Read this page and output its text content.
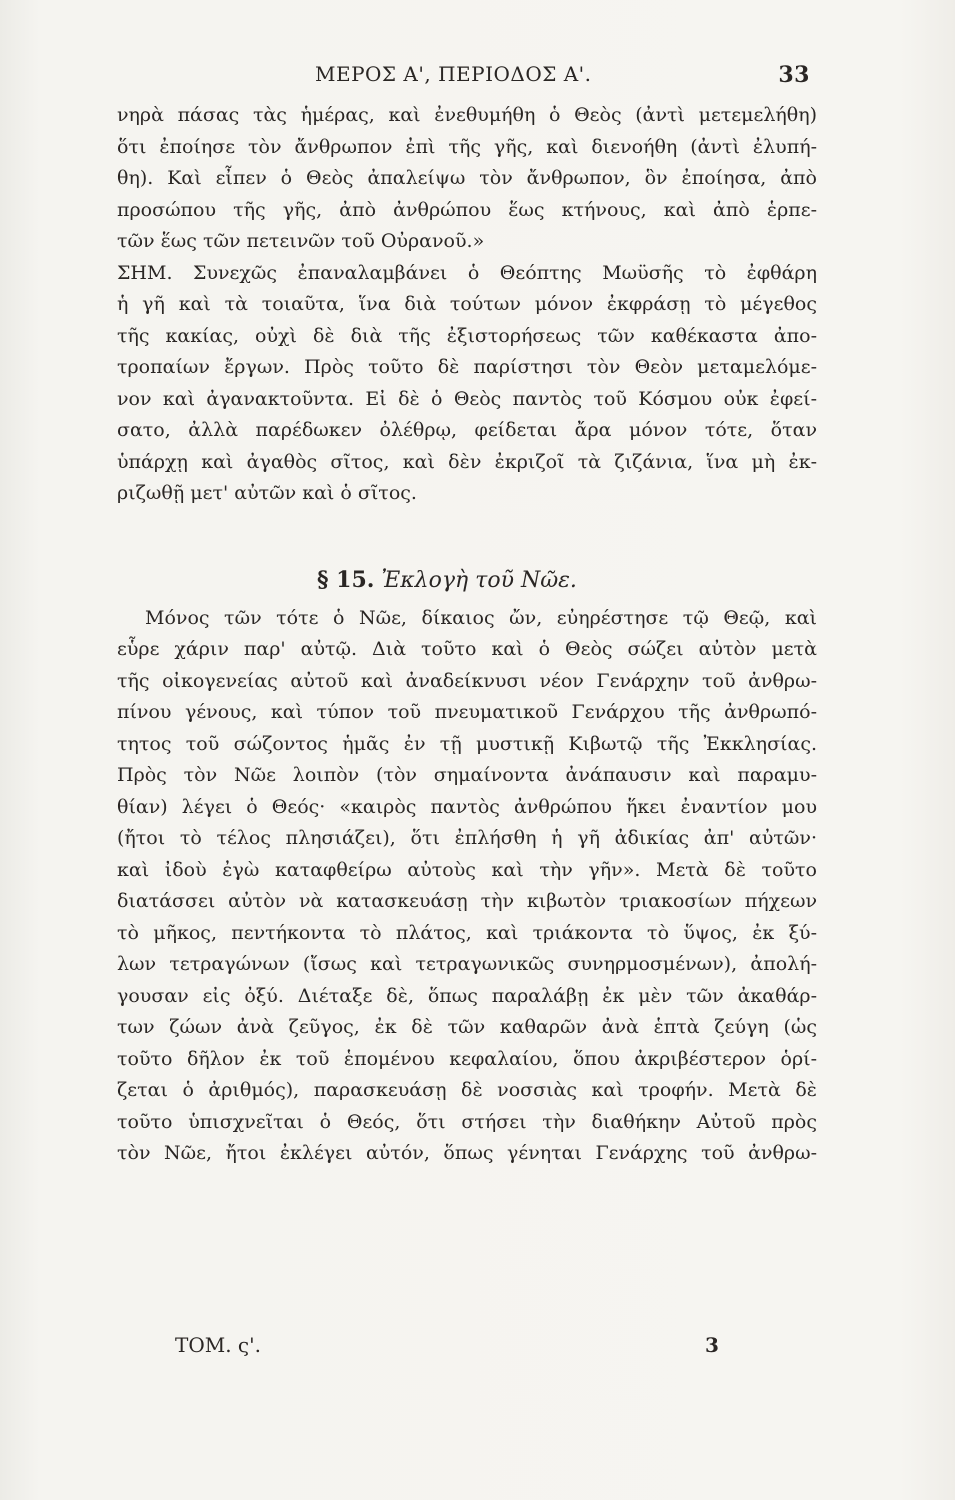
ΜΕΡΟΣ Α', ΠΕΡΙΟΔΟΣ Α'.	33
νηρὰ πάσας τὰς ἡμέρας, καὶ ἐνεθυμήθη ὁ Θεὸς (ἀντὶ μετεμελήθη)
ὅτι ἐποίησε τὸν ἄνθρωπον ἐπὶ τῆς γῆς, καὶ διενοήθη (ἀντὶ ἐλυπή-
θη). Καὶ εἶπεν ὁ Θεὸς ἀπαλείψω τὸν ἄνθρωπον, ὃν ἐποίησα, ἀπὸ
προσώπου τῆς γῆς, ἀπὸ ἀνθρώπου ἕως κτήνους, καὶ ἀπὸ ἑρπε-
τῶν ἕως τῶν πετεινῶν τοῦ Οὐρανοῦ.»
ΣΗΜ. Συνεχῶς ἐπαναλαμβάνει ὁ Θεόπτης Μωϋσῆς τὸ ἐφθάρη
ἡ γῆ καὶ τὰ τοιαῦτα, ἵνα διὰ τούτων μόνον ἐκφράσῃ τὸ μέγεθος
τῆς κακίας, οὐχὶ δὲ διὰ τῆς ἐξιστορήσεως τῶν καθέκαστα ἀπο-
τροπαίων ἔργων. Πρὸς τοῦτο δὲ παρίστησι τὸν Θεὸν μεταμελόμε-
νον καὶ ἀγανακτοῦντα. Εἰ δὲ ὁ Θεὸς παντὸς τοῦ Κόσμου οὐκ ἐφεί-
σατο, ἀλλὰ παρέδωκεν ὀλέθρῳ, φείδεται ἄρα μόνον τότε, ὅταν
ὑπάρχῃ καὶ ἀγαθὸς σῖτος, καὶ δὲν ἐκριζοῖ τὰ ζιζάνια, ἵνα μὴ ἐκ-
ριζωθῇ μετ' αὐτῶν καὶ ὁ σῖτος.
§ 15. Ἐκλογὴ τοῦ Νῶε.
Μόνος τῶν τότε ὁ Νῶε, δίκαιος ὤν, εὐηρέστησε τῷ Θεῷ, καὶ
εὗρε χάριν παρ' αὐτῷ. Διὰ τοῦτο καὶ ὁ Θεὸς σώζει αὐτὸν μετὰ
τῆς οἰκογενείας αὐτοῦ καὶ ἀναδείκνυσι νέον Γενάρχην τοῦ ἀνθρω-
πίνου γένους, καὶ τύπον τοῦ πνευματικοῦ Γενάρχου τῆς ἀνθρωπό-
τητος τοῦ σώζοντος ἡμᾶς ἐν τῇ μυστικῇ Κιβωτῷ τῆς Ἐκκλησίας.
Πρὸς τὸν Νῶε λοιπὸν (τὸν σημαίνοντα ἀνάπαυσιν καὶ παραμυ-
θίαν) λέγει ὁ Θεός· «καιρὸς παντὸς ἀνθρώπου ἥκει ἐναντίον μου
(ἤτοι τὸ τέλος πλησιάζει), ὅτι ἐπλήσθη ἡ γῆ ἀδικίας ἀπ' αὐτῶν·
καὶ ἰδοὺ ἐγὼ καταφθείρω αὐτοὺς καὶ τὴν γῆν». Μετὰ δὲ τοῦτο
διατάσσει αὐτὸν νὰ κατασκευάσῃ τὴν κιβωτὸν τριακοσίων πήχεων
τὸ μῆκος, πεντήκοντα τὸ πλάτος, καὶ τριάκοντα τὸ ὕψος, ἐκ ξύ-
λων τετραγώνων (ἴσως καὶ τετραγωνικῶς συνηρμοσμένων), ἀπολή-
γουσαν εἰς ὀξύ. Διέταξε δὲ, ὅπως παραλάβῃ ἐκ μὲν τῶν ἀκαθάρ-
των ζώων ἀνὰ ζεῦγος, ἐκ δὲ τῶν καθαρῶν ἀνὰ ἑπτὰ ζεύγη (ὡς
τοῦτο δῆλον ἐκ τοῦ ἑπομένου κεφαλαίου, ὅπου ἀκριβέστερον ὁρί-
ζεται ὁ ἀριθμός), παρασκευάσῃ δὲ νοσσιὰς καὶ τροφήν. Μετὰ δὲ
τοῦτο ὑπισχνεῖται ὁ Θεός, ὅτι στήσει τὴν διαθήκην Αὐτοῦ πρὸς
τὸν Νῶε, ἤτοι ἐκλέγει αὐτόν, ὅπως γένηται Γενάρχης τοῦ ἀνθρω-
ΤΟΜ. ς'.	3
